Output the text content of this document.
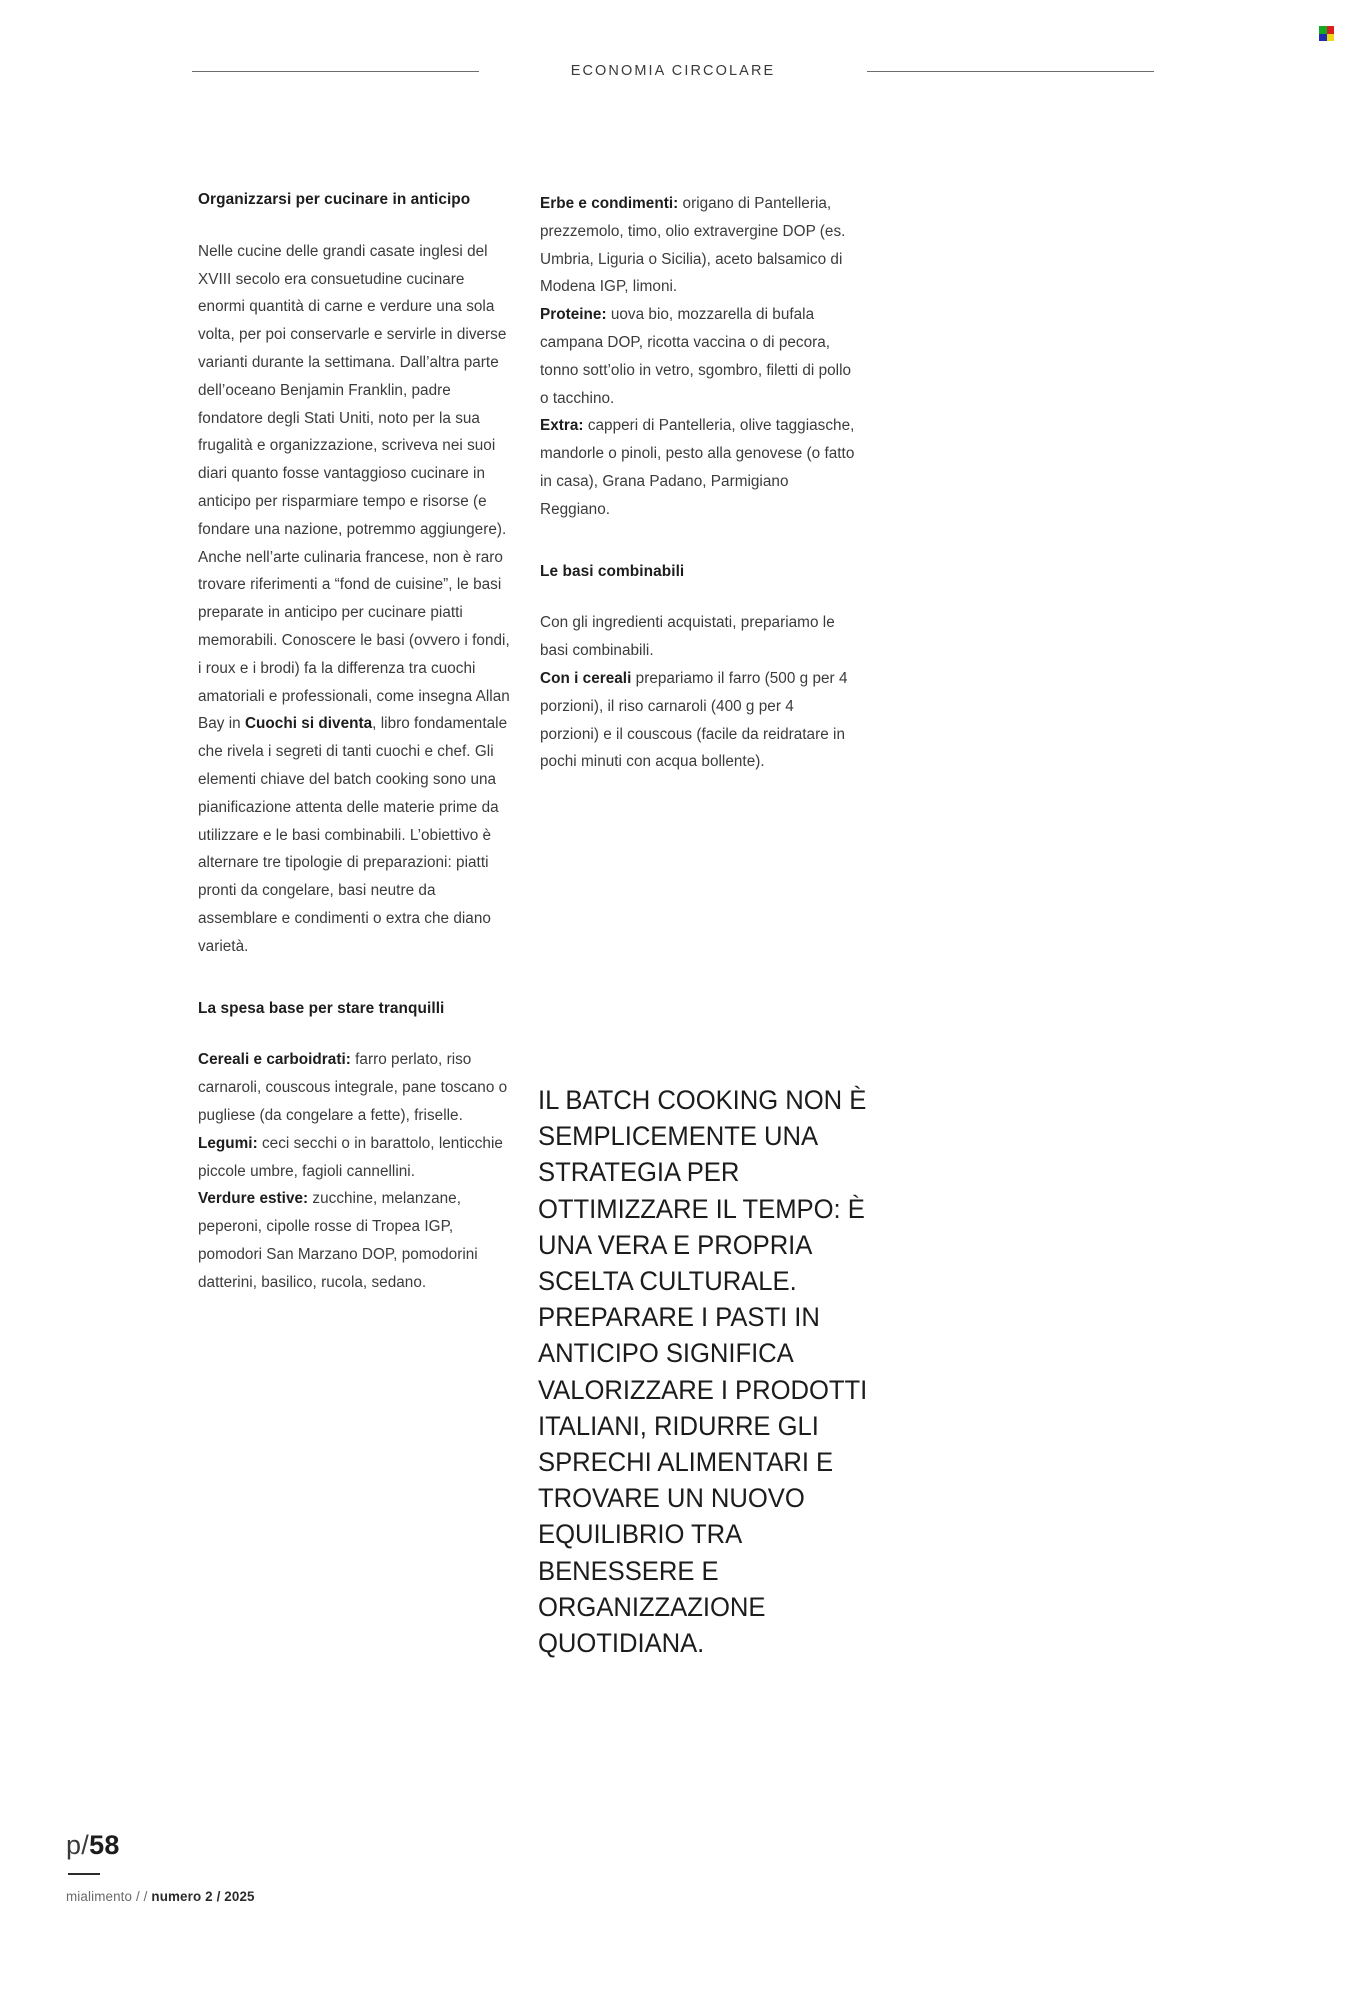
ECONOMIA CIRCOLARE
Organizzarsi per cucinare in anticipo

Nelle cucine delle grandi casate inglesi del XVIII secolo era consuetudine cucinare enormi quantità di carne e verdure una sola volta, per poi conservarle e servirle in diverse varianti durante la settimana. Dall’altra parte dell’oceano Benjamin Franklin, padre fondatore degli Stati Uniti, noto per la sua frugalità e organizzazione, scriveva nei suoi diari quanto fosse vantaggioso cucinare in anticipo per risparmiare tempo e risorse (e fondare una nazione, potremmo aggiungere). Anche nell’arte culinaria francese, non è raro trovare riferimenti a “fond de cuisine”, le basi preparate in anticipo per cucinare piatti memorabili. Conoscere le basi (ovvero i fondi, i roux e i brodi) fa la differenza tra cuochi amatoriali e professionali, come insegna Allan Bay in Cuochi si diventa, libro fondamentale che rivela i segreti di tanti cuochi e chef. Gli elementi chiave del batch cooking sono una pianificazione attenta delle materie prime da utilizzare e le basi combinabili. L’obiettivo è alternare tre tipologie di preparazioni: piatti pronti da congelare, basi neutre da assemblare e condimenti o extra che diano varietà.

La spesa base per stare tranquilli

Cereali e carboidrati: farro perlato, riso carnaroli, couscous integrale, pane toscano o pugliese (da congelare a fette), friselle.
Legumi: ceci secchi o in barattolo, lenticchie piccole umbre, fagioli cannellini.
Verdure estive: zucchine, melanzane, peperoni, cipolle rosse di Tropea IGP, pomodori San Marzano DOP, pomodorini datterini, basilico, rucola, sedano.

Erbe e condimenti: origano di Pantelleria, prezzemolo, timo, olio extravergine DOP (es. Umbria, Liguria o Sicilia), aceto balsamico di Modena IGP, limoni.
Proteine: uova bio, mozzarella di bufala campana DOP, ricotta vaccina o di pecora, tonno sott’olio in vetro, sgombro, filetti di pollo o tacchino.
Extra: capperi di Pantelleria, olive taggiasche, mandorle o pinoli, pesto alla genovese (o fatto in casa), Grana Padano, Parmigiano Reggiano.

Le basi combinabili

Con gli ingredienti acquistati, prepariamo le basi combinabili.
Con i cereali prepariamo il farro (500 g per 4 porzioni), il riso carnaroli (400 g per 4 porzioni) e il couscous (facile da reidratare in pochi minuti con acqua bollente).

IL BATCH COOKING NON È SEMPLICEMENTE UNA STRATEGIA PER OTTIMIZZARE IL TEMPO: È UNA VERA E PROPRIA SCELTA CULTURALE. PREPARARE I PASTI IN ANTICIPO SIGNIFICA VALORIZZARE I PRODOTTI ITALIANI, RIDURRE GLI SPRECHI ALIMENTARI E TROVARE UN NUOVO EQUILIBRIO TRA BENESSERE E ORGANIZZAZIONE QUOTIDIANA.
p/58
mialimento / / numero 2 / 2025
